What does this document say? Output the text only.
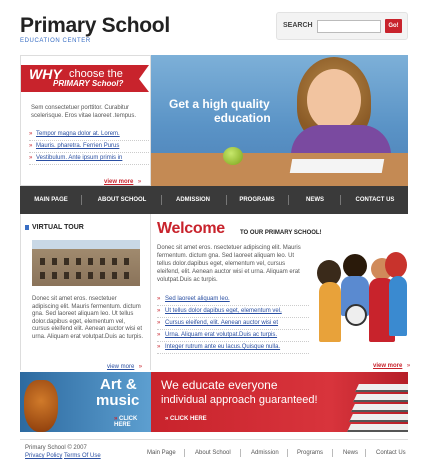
Primary School
EDUCATION CENTER
SEARCH	Go!
WHY choose the
PRIMARY School?
Sem consectetuer porttitor. Curabitur scelerisque. Eros vitae laoreet .tempus.
» Tempor magna dolor at. Lorem.
» Mauris. pharetra. Ferrien Purus
» Vestibulum. Ante ipsum primis in
view more »
Get a high quality
education
MAIN PAGE	ABOUT SCHOOL	ADMISSION	PROGRAMS	NEWS	CONTACT US
VIRTUAL TOUR
Donec sit amet eros. nsectetuer adipiscing elit. Mauris fermentum. dictum gna. Sed laoreet aliquam leo. Ut tellus dolor.dapibus eget, elementum vel, cursus eleifend elit. Aenean auctor wisi et urna. Aliquam erat volutpat.Duis ac turpis.
view more »
Welcome	TO OUR PRIMARY SCHOOL!
Donec sit amet eros. nsectetuer adipiscing elit. Mauris fermentum. dictum gna. Sed laoreet aliquam leo. Ut tellus dolor.dapibus eget, elementum vel, cursus eleifend, elit. Aenean auctor wisi et urna. Aliquam erat volutpat.Duis ac turpis.
» Sed laoreet aliquam leo.
» Ut tellus dolor dapibus eget, elementum vel,
» Cursus eleifend, elit. Aenean auctor wisi et
» Urna. Aliquam erat volutpat.Duis ac turpis.
» Integer rutrum ante eu lacus.Quisque nulla.
view more »
Art &
music
» CLICK HERE
We educate everyone
individual approach guaranteed!
» CLICK HERE
Primary School © 2007
Privacy Policy Terms Of Use	Main Page	About School	Admission	Programs	News	Contact Us
